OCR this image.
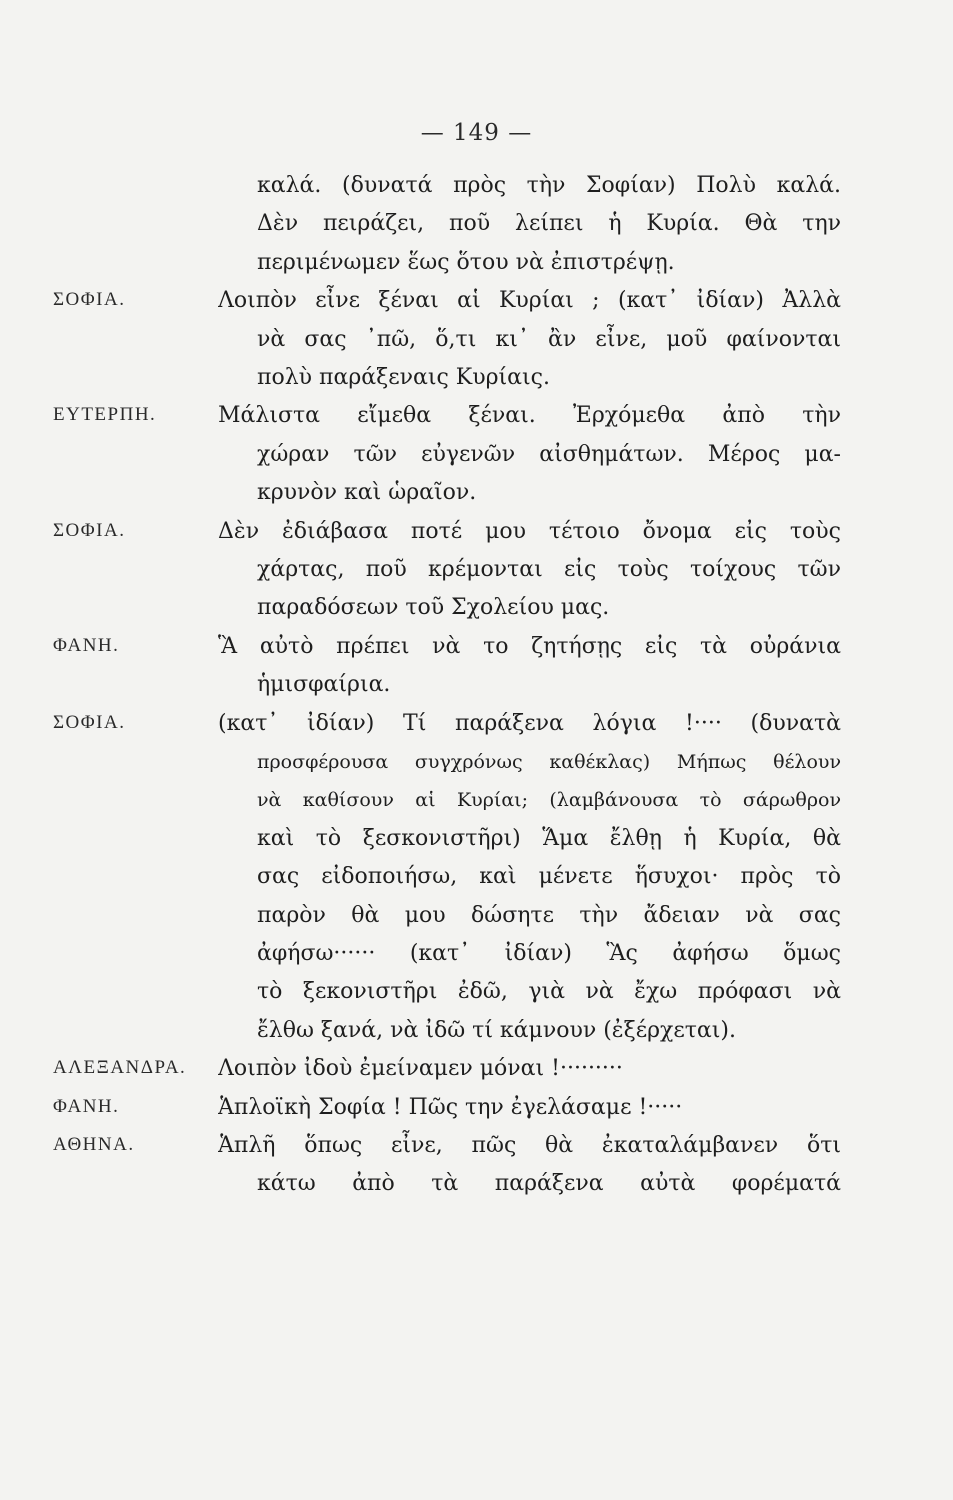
— 149 —
καλά. (δυνατά πρὸς τὴν Σοφίαν) Πολὺ καλά.
Δὲν πειράζει, ποῦ λείπει ἡ Κυρία. Θὰ την
περιμένωμεν ἕως ὅτου νὰ ἐπιστρέψῃ.
ΣΟΦΙΑ.	Λοιπὸν εἶνε ξέναι αἱ Κυρίαι ; (κατ᾽ ἰδίαν) Ἀλλὰ
νὰ σας ᾽πῶ, ὅ,τι κι᾽ ἂν εἶνε, μοῦ φαίνονται
πολὺ παράξεναις Κυρίαις.
ΕΥΤΕΡΠΗ.	Μάλιστα εἴμεθα ξέναι. Ἐρχόμεθα ἀπὸ τὴν
χώραν τῶν εὐγενῶν αἰσθημάτων. Μέρος μα-
κρυνὸν καὶ ὡραῖον.
ΣΟΦΙΑ.	Δὲν ἐδιάβασα ποτέ μου τέτοιο ὄνομα εἰς τοὺς
χάρτας, ποῦ κρέμονται εἰς τοὺς τοίχους τῶν
παραδόσεων τοῦ Σχολείου μας.
ΦΑΝΗ.	Ἃ αὐτὸ πρέπει νὰ το ζητήσῃς εἰς τὰ οὐράνια
ἡμισφαίρια.
ΣΟΦΙΑ.	(κατ᾽ ἰδίαν) Τί παράξενα λόγια !···· (δυνατὰ
προσφέρουσα συγχρόνως καθέκλας) Μήπως θέλουν
νὰ καθίσουν αἱ Κυρίαι; (λαμβάνουσα τὸ σάρωθρον
καὶ τὸ ξεσκονιστῆρι) Ἅμα ἔλθῃ ἡ Κυρία, θὰ
σας εἰδοποιήσω, καὶ μένετε ἥσυχοι· πρὸς τὸ
παρὸν θὰ μου δώσητε τὴν ἄδειαν νὰ σας
ἀφήσω······ (κατ᾽ ἰδίαν) Ἃς ἀφήσω ὅμως
τὸ ξεκονιστῆρι ἐδῶ, γιὰ νὰ ἔχω πρόφασι νὰ
ἔλθω ξανά, νὰ ἰδῶ τί κάμνουν (ἐξέρχεται).
ΑΛΕΞΑΝΔΡΑ. Λοιπὸν ἰδοὺ ἐμείναμεν μόναι !·········
ΦΑΝΗ.	Ἁπλοϊκὴ Σοφία ! Πῶς την ἐγελάσαμε !·····
ΑΘΗΝΑ.	Ἁπλῆ ὅπως εἶνε, πῶς θὰ ἐκαταλάμβανεν ὅτι
κάτω ἀπὸ τὰ παράξενα αὐτὰ φορέματά
